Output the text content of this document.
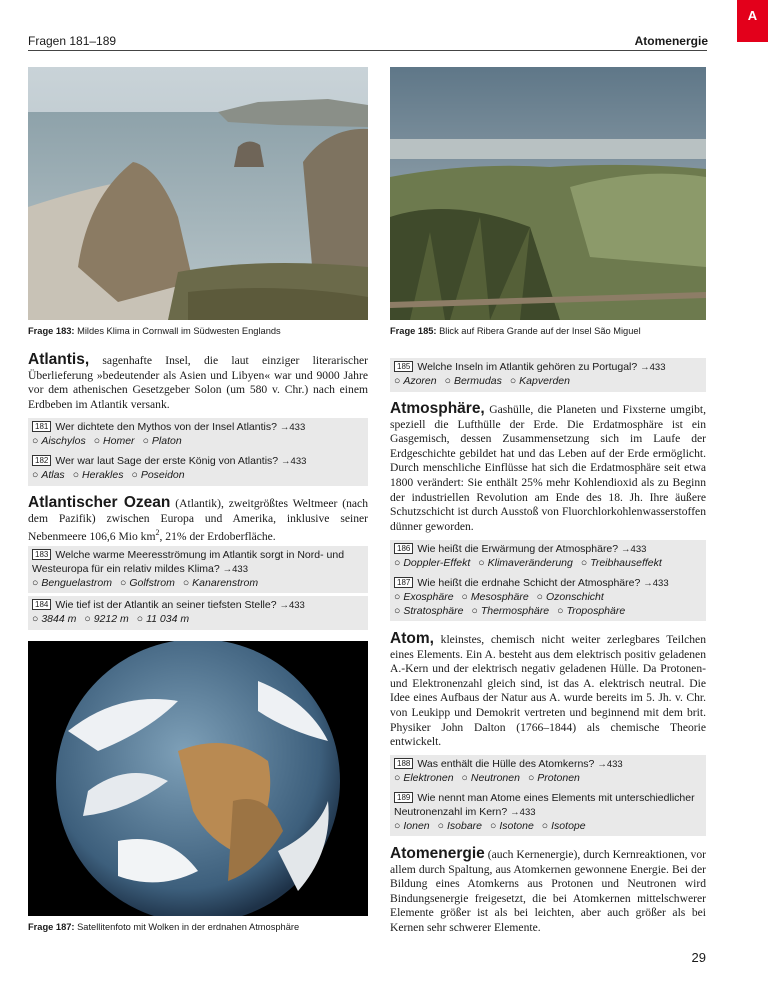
A
Fragen 181–189	Atomenergie
Frage 183: Mildes Klima in Cornwall im Südwesten Englands	Frage 185: Blick auf Ribera Grande auf der Insel São Miguel
Atlantis, sagenhafte Insel, die laut einziger literarischer Überlieferung »bedeutender als Asien und Libyen« war und 9000 Jahre vor dem athenischen Gesetzgeber Solon (um 580 v. Chr.) nach einem Erdbeben im Atlantik versank.
181 Wer dichtete den Mythos von der Insel Atlantis? →433
○ Aischylos ○ Homer ○ Platon
182 Wer war laut Sage der erste König von Atlantis? →433
○ Atlas ○ Herakles ○ Poseidon
Atlantischer Ozean (Atlantik), zweitgrößtes Weltmeer (nach dem Pazifik) zwischen Europa und Amerika, inklusive seiner Nebenmeere 106,6 Mio $km^2$, 21% der Erdoberfläche.
183 Welche warme Meeresströmung im Atlantik sorgt in Nord- und Westeuropa für ein relativ mildes Klima? →433
○ Benguelastrom ○ Golfstrom ○ Kanarenstrom
184 Wie tief ist der Atlantik an seiner tiefsten Stelle? →433
○ 3844 m ○ 9212 m ○ 11 034 m
Frage 187: Satellitenfoto mit Wolken in der erdnahen Atmosphäre
185 Welche Inseln im Atlantik gehören zu Portugal? →433
○ Azoren ○ Bermudas ○ Kapverden
Atmosphäre, Gashülle, die Planeten und Fixsterne umgibt, speziell die Lufthülle der Erde. Die Erdatmosphäre ist ein Gasgemisch, dessen Zusammensetzung sich im Laufe der Erdgeschichte gebildet hat und das Leben auf der Erde ermöglicht. Durch menschliche Einflüsse hat sich die Erdatmosphäre seit etwa 1800 verändert: Sie enthält 25% mehr Kohlendioxid als zu Beginn der industriellen Revolution am Ende des 18. Jh. Ihre äußere Schutzschicht ist durch Ausstoß von Fluorchlorkohlenwasserstoffen dünner geworden.
186 Wie heißt die Erwärmung der Atmosphäre? →433
○ Doppler-Effekt ○ Klimaveränderung ○ Treibhauseffekt
187 Wie heißt die erdnahe Schicht der Atmosphäre? →433
○ Exosphäre ○ Mesosphäre ○ Ozonschicht
○ Stratosphäre ○ Thermosphäre ○ Troposphäre
Atom, kleinstes, chemisch nicht weiter zerlegbares Teilchen eines Elements. Ein A. besteht aus dem elektrisch positiv geladenen A.-Kern und der elektrisch negativ geladenen Hülle. Da Protonen- und Elektronenzahl gleich sind, ist das A. elektrisch neutral. Die Idee eines Aufbaus der Natur aus A. wurde bereits im 5. Jh. v. Chr. von Leukipp und Demokrit vertreten und beginnend mit dem brit. Physiker John Dalton (1766–1844) als chemische Theorie entwickelt.
188 Was enthält die Hülle des Atomkerns? →433
○ Elektronen ○ Neutronen ○ Protonen
189 Wie nennt man Atome eines Elements mit unterschiedlicher Neutronenzahl im Kern? →433
○ Ionen ○ Isobare ○ Isotone ○ Isotope
Atomenergie (auch Kernenergie), durch Kernreaktionen, vor allem durch Spaltung, aus Atomkernen gewonnene Energie. Bei der Bildung eines Atomkerns aus Protonen und Neutronen wird Bindungsenergie freigesetzt, die bei Atomkernen mittelschwerer Elemente größer ist als bei leichten, aber auch größer als bei Kernen sehr schwerer Elemente.
29
